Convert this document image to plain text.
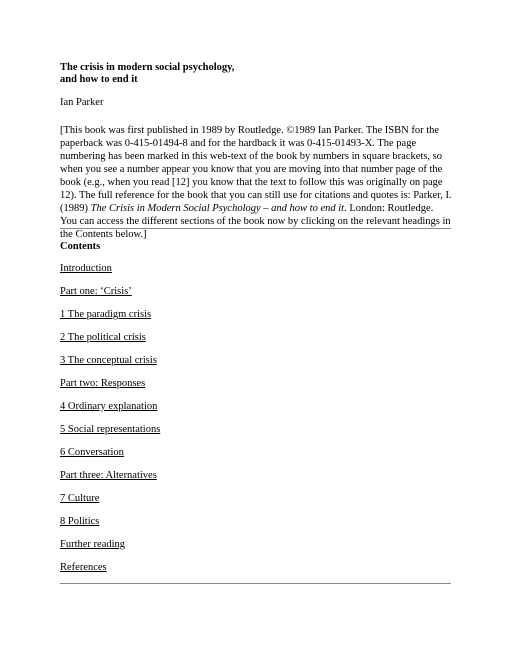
The crisis in modern social psychology,
and how to end it
Ian Parker
[This book was first published in 1989 by Routledge. ©1989 Ian Parker. The ISBN for the paperback was 0-415-01494-8 and for the hardback it was 0-415-01493-X. The page numbering has been marked in this web-text of the book by numbers in square brackets, so when you see a number appear you know that you are moving into that number page of the book (e.g., when you read [12] you know that the text to follow this was originally on page 12). The full reference for the book that you can still use for citations and quotes is: Parker, I. (1989) The Crisis in Modern Social Psychology – and how to end it. London: Routledge. You can access the different sections of the book now by clicking on the relevant headings in the Contents below.]
Contents
Introduction
Part one: ‘Crisis’
1 The paradigm crisis
2 The political crisis
3 The conceptual crisis
Part two: Responses
4 Ordinary explanation
5 Social representations
6 Conversation
Part three: Alternatives
7 Culture
8 Politics
Further reading
References
